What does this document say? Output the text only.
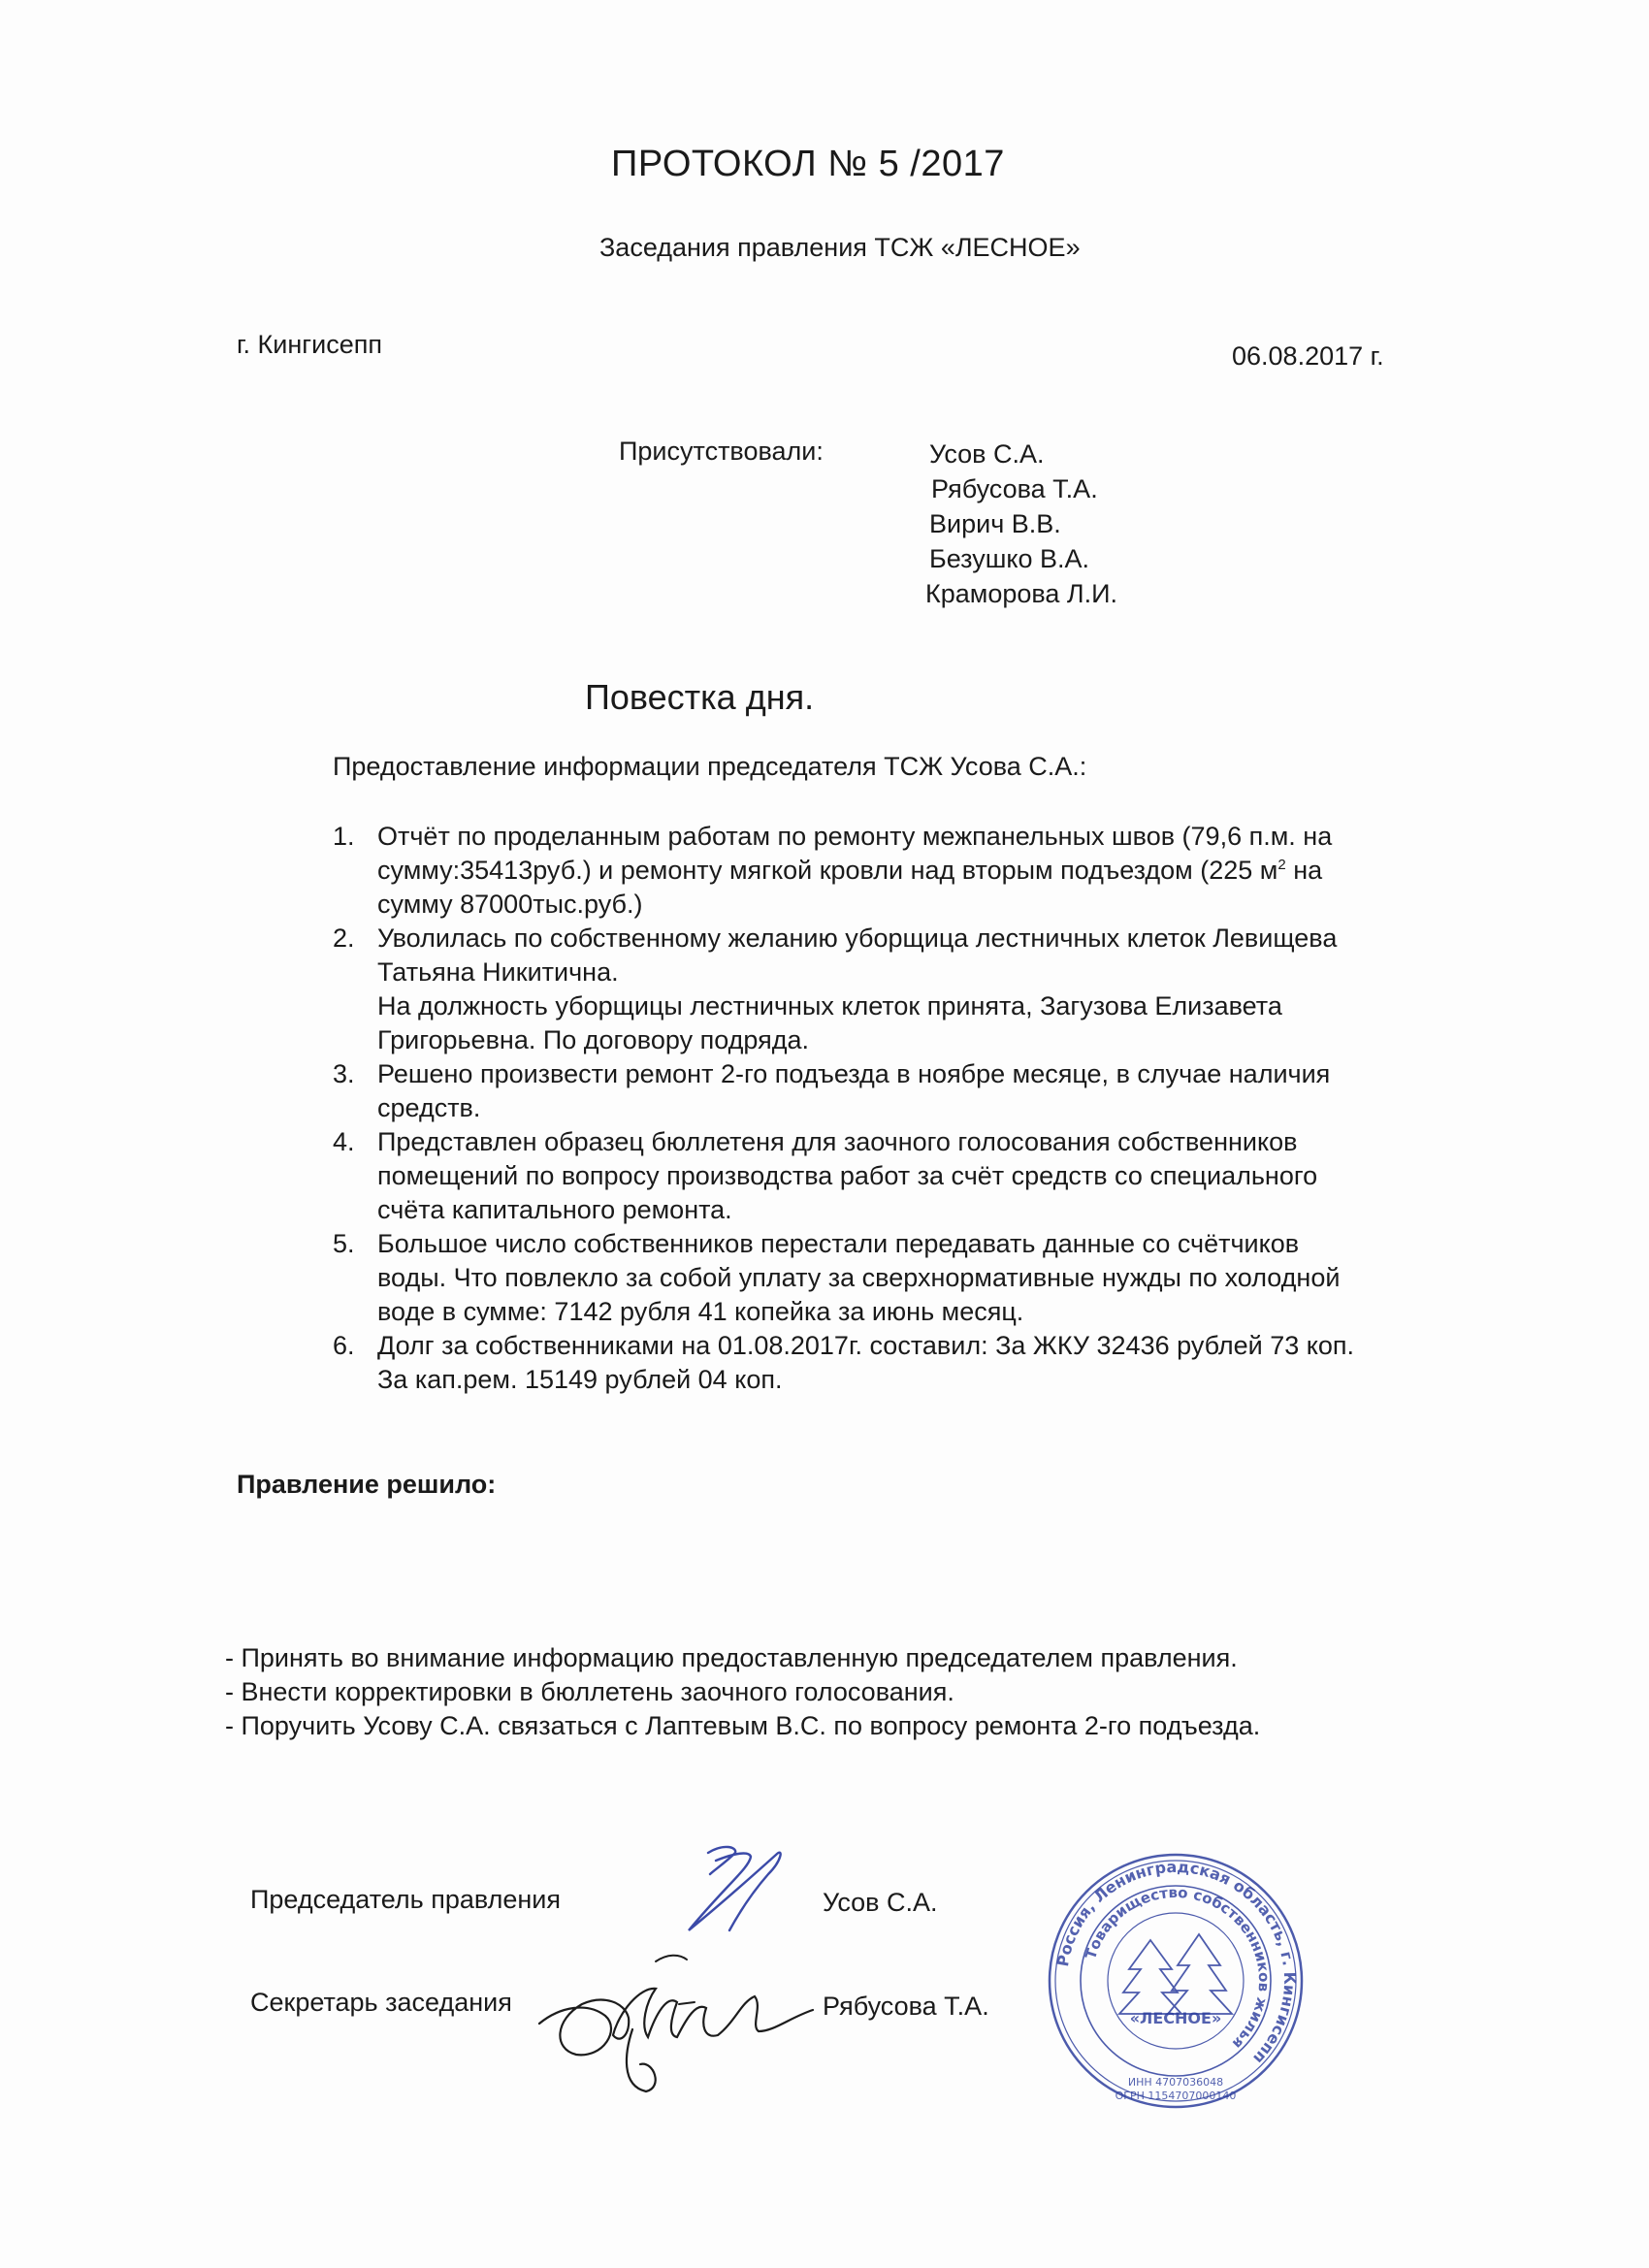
ПРОТОКОЛ № 5 /2017
Заседания правления ТСЖ «ЛЕСНОЕ»
г. Кингисепп	06.08.2017 г.
Присутствовали:	Усов С.А.
Рябусова Т.А.
Вирич В.В.
Безушко В.А.
Краморова Л.И.
Повестка дня.
Предоставление информации председателя ТСЖ Усова С.А.:
1. Отчёт по проделанным работам по ремонту межпанельных швов (79,6 п.м. на
сумму:35413руб.) и ремонту мягкой кровли над вторым подъездом (225 $м^2$ на
сумму 87000тыс.руб.)
2. Уволилась по собственному желанию уборщица лестничных клеток Левищева
Татьяна Никитична.
На должность уборщицы лестничных клеток принята, Загузова Елизавета
Григорьевна. По договору подряда.
3. Решено произвести ремонт 2-го подъезда в ноябре месяце, в случае наличия
средств.
4. Представлен образец бюллетеня для заочного голосования собственников
помещений по вопросу производства работ за счёт средств со специального
счёта капитального ремонта.
5. Большое число собственников перестали передавать данные со счётчиков
воды. Что повлекло за собой уплату за сверхнормативные нужды по холодной
воде в сумме: 7142 рубля 41 копейка за июнь месяц.
6. Долг за собственниками на 01.08.2017г. составил: За ЖКУ 32436 рублей 73 коп.
За кап.рем. 15149 рублей 04 коп.
Правление решило:
- Принять во внимание информацию предоставленную председателем правления.
- Внести корректировки в бюллетень заочного голосования.
- Поручить Усову С.А. связаться с Лаптевым В.С. по вопросу ремонта 2-го подъезда.
Председатель правления	Усов С.А.
Секретарь заседания	Рябусова Т.А.
Россия, Ленинградская область, г. Кингисепп
Товарищество собственников жилья
«ЛЕСНОЕ»
ИНН 4707036048
ОГРН 1154707000140
